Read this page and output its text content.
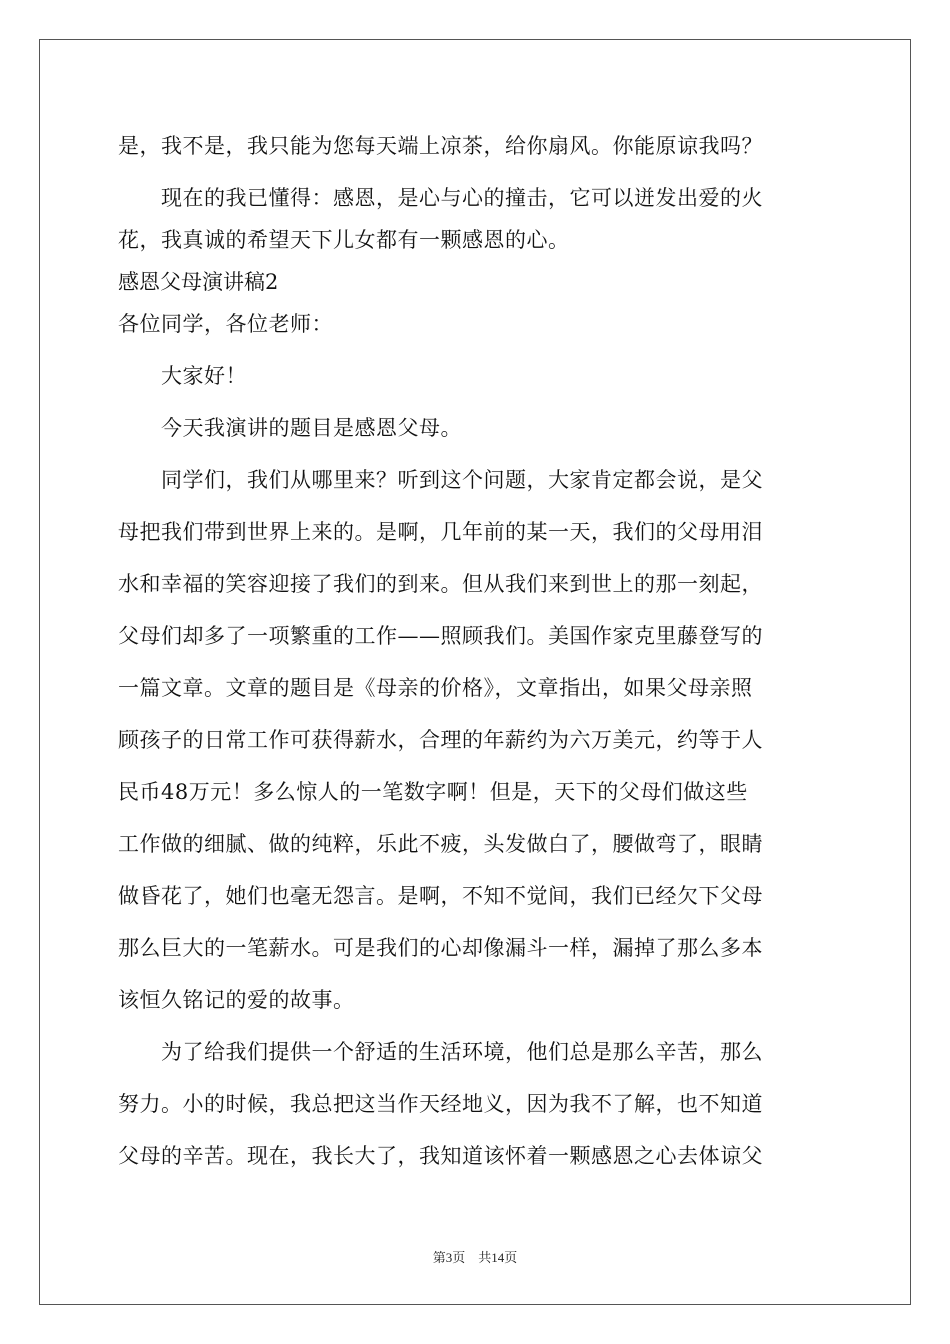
是，我不是，我只能为您每天端上凉茶，给你扇风。你能原谅我吗？
　　现在的我已懂得：感恩，是心与心的撞击，它可以迸发出爱的火
花，我真诚的希望天下儿女都有一颗感恩的心。
感恩父母演讲稿2
各位同学，各位老师：
　　大家好！
　　今天我演讲的题目是感恩父母。
　　同学们，我们从哪里来？听到这个问题，大家肯定都会说，是父
母把我们带到世界上来的。是啊，几年前的某一天，我们的父母用泪
水和幸福的笑容迎接了我们的到来。但从我们来到世上的那一刻起，
父母们却多了一项繁重的工作——照顾我们。美国作家克里藤登写的
一篇文章。文章的题目是《母亲的价格》，文章指出，如果父母亲照
顾孩子的日常工作可获得薪水，合理的年薪约为六万美元，约等于人
民币48万元！多么惊人的一笔数字啊！但是，天下的父母们做这些
工作做的细腻、做的纯粹，乐此不疲，头发做白了，腰做弯了，眼睛
做昏花了，她们也毫无怨言。是啊，不知不觉间，我们已经欠下父母
那么巨大的一笔薪水。可是我们的心却像漏斗一样，漏掉了那么多本
该恒久铭记的爱的故事。
　　为了给我们提供一个舒适的生活环境，他们总是那么辛苦，那么
努力。小的时候，我总把这当作天经地义，因为我不了解，也不知道
父母的辛苦。现在，我长大了，我知道该怀着一颗感恩之心去体谅父
第3页　共14页
